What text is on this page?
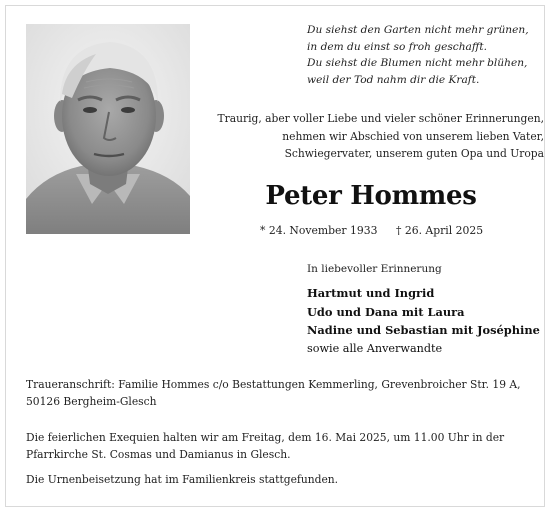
Du siehst den Garten nicht mehr grünen,
in dem du einst so froh geschafft.
Du siehst die Blumen nicht mehr blühen,
weil der Tod nahm dir die Kraft.
Traurig, aber voller Liebe und vieler schöner Erinnerungen,
nehmen wir Abschied von unserem lieben Vater,
Schwiegervater, unserem guten Opa und Uropa
Peter Hommes
* 24. November 1933 † 26. April 2025
In liebevoller Erinnerung
Hartmut und Ingrid
Udo und Dana mit Laura
Nadine und Sebastian mit Joséphine
sowie alle Anverwandte
Traueranschrift: Familie Hommes c/o Bestattungen Kemmerling, Grevenbroicher Str. 19 A,
50126 Bergheim-Glesch
Die feierlichen Exequien halten wir am Freitag, dem 16. Mai 2025, um 11.00 Uhr in der
Pfarrkirche St. Cosmas und Damianus in Glesch.
Die Urnenbeisetzung hat im Familienkreis stattgefunden.
